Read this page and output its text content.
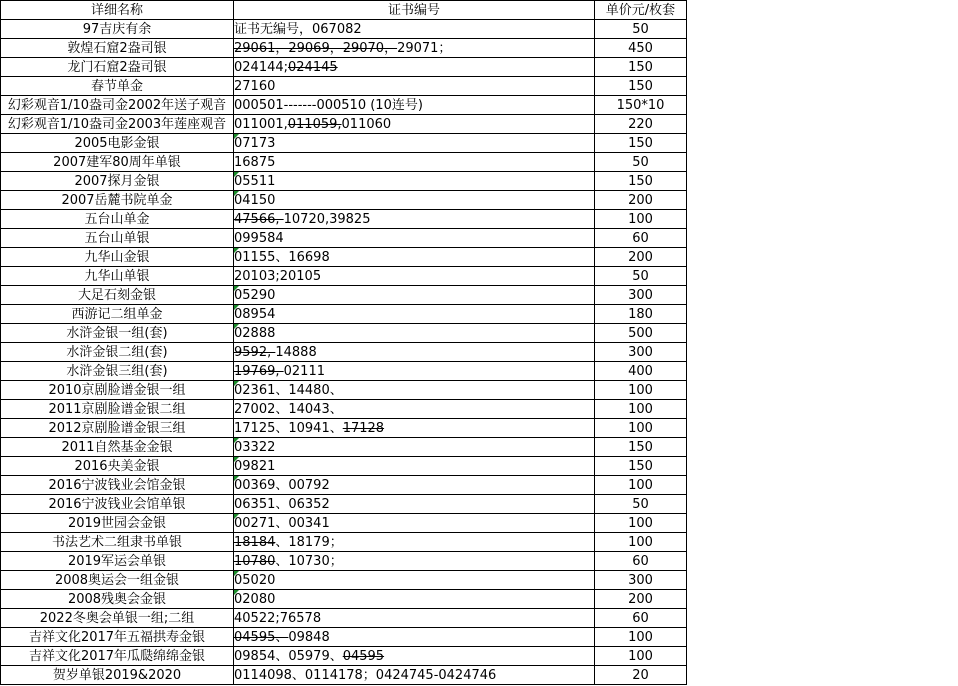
详细名称	证书编号	单价元/枚套
97吉庆有余	证书无编号，067082	50
敦煌石窟2盎司银	29061，29069，29070，29071；	450
龙门石窟2盎司银	024144;024145	150
春节单金	27160	150
幻彩观音1/10盎司金2002年送子观音	000501-------000510 (10连号)	150*10
幻彩观音1/10盎司金2003年莲座观音	011001,011059,011060	220
2005电影金银	07173	150
2007建军80周年单银	16875	50
2007探月金银	05511	150
2007岳麓书院单金	04150	200
五台山单金	47566, 10720,39825	100
五台山单银	099584	60
九华山金银	01155、16698	200
九华山单银	20103;20105	50
大足石刻金银	05290	300
西游记二组单金	08954	180
水浒金银一组(套)	02888	500
水浒金银二组(套)	9592, 14888	300
水浒金银三组(套)	19769, 02111	400
2010京剧脸谱金银一组	02361、14480、	100
2011京剧脸谱金银二组	27002、14043、	100
2012京剧脸谱金银三组	17125、10941、17128	100
2011自然基金金银	03322	150
2016央美金银	09821	150
2016宁波钱业会馆金银	00369、00792	100
2016宁波钱业会馆单银	06351、06352	50
2019世园会金银	00271、00341	100
书法艺术二组隶书单银	18184、18179；	100
2019军运会单银	10780、10730；	60
2008奥运会一组金银	05020	300
2008残奥会金银	02080	200
2022冬奥会单银一组;二组	40522;76578	60
吉祥文化2017年五福拱寿金银	04595、09848	100
吉祥文化2017年瓜瓞绵绵金银	09854、05979、04595	100
贺岁单银2019&2020	0114098、0114178；0424745-0424746	20
